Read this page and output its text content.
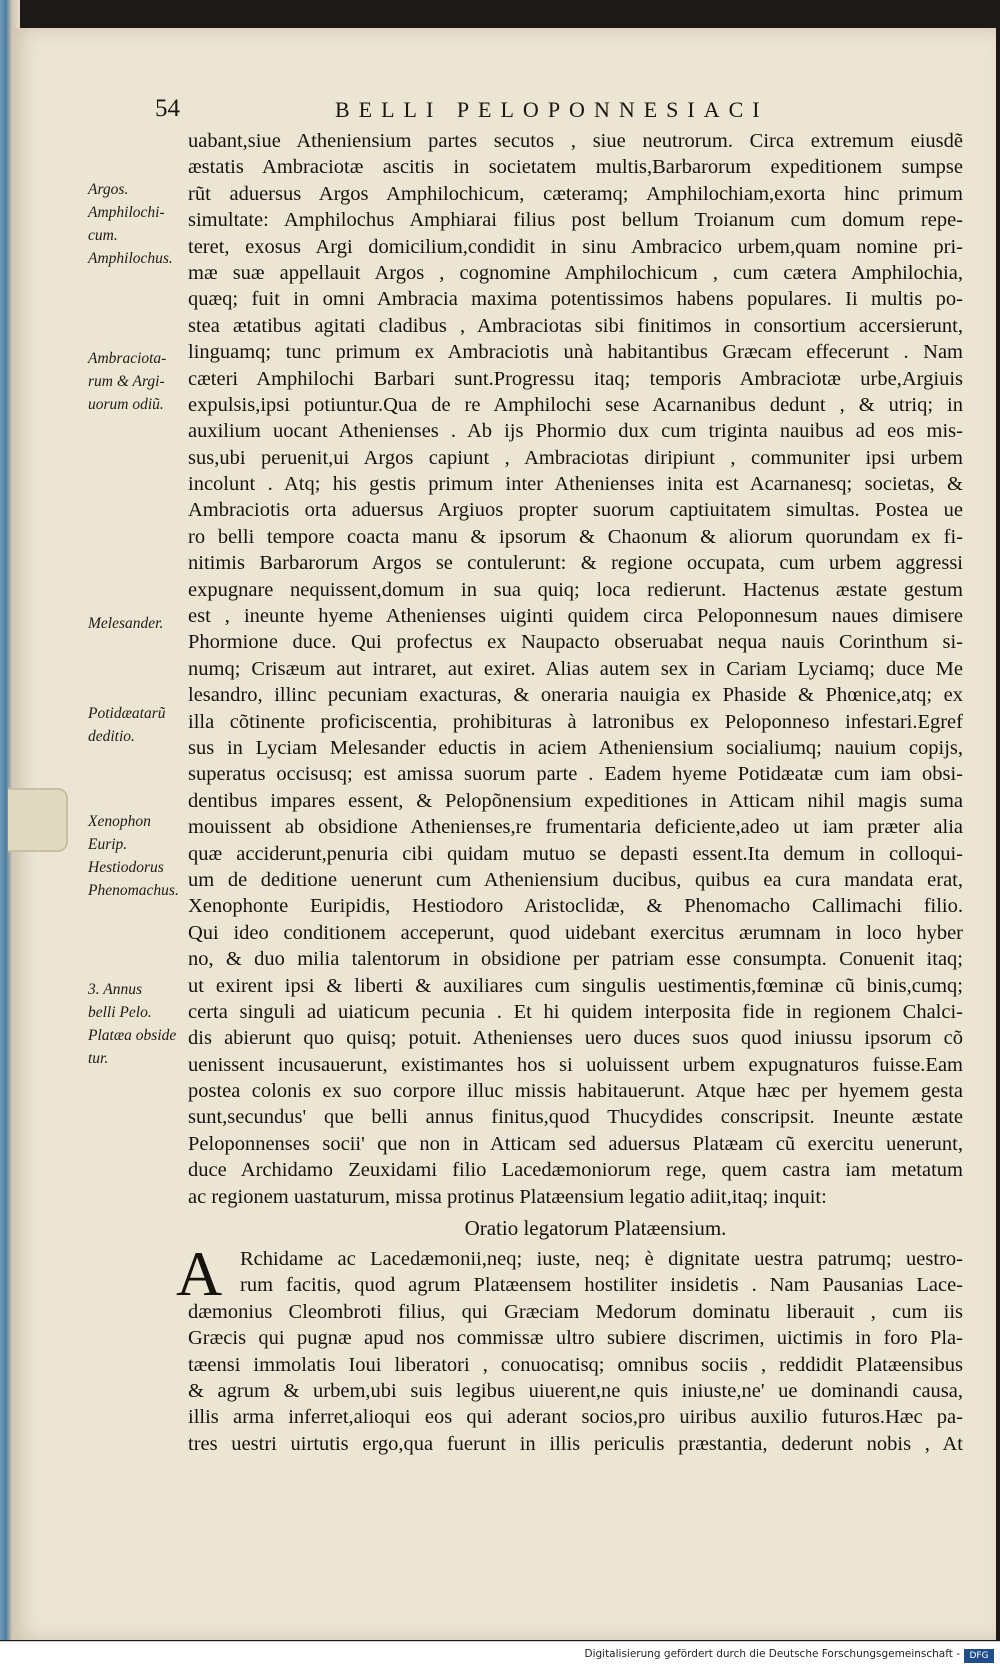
54	BELLI PELOPONNESIACI
Argos.
Amphilochi-
cum.
Amphilochus.
Ambraciota-
rum & Argi-
uorum odiũ.
Melesander.
Potidæatarũ
deditio.
Xenophon
Eurip.
Hestiodorus
Phenomachus.
3. Annus
belli Pelo.
Platæa obside
tur.
uabant,siue Atheniensium partes secutos , siue neutrorum. Circa extremum eiusdẽ
æstatis Ambraciotæ ascitis in societatem multis,Barbarorum expeditionem sumpse
rũt aduersus Argos Amphilochicum, cæteramq; Amphilochiam,exorta hinc primum
simultate: Amphilochus Amphiarai filius post bellum Troianum cum domum repe-
teret, exosus Argi domicilium,condidit in sinu Ambracico urbem,quam nomine pri-
mæ suæ appellauit Argos , cognomine Amphilochicum , cum cætera Amphilochia,
quæq; fuit in omni Ambracia maxima potentissimos habens populares. Ii multis po-
stea ætatibus agitati cladibus , Ambraciotas sibi finitimos in consortium accersierunt,
linguamq; tunc primum ex Ambraciotis unà habitantibus Græcam effecerunt . Nam
cæteri Amphilochi Barbari sunt.Progressu itaq; temporis Ambraciotæ urbe,Argiuis
expulsis,ipsi potiuntur.Qua de re Amphilochi sese Acarnanibus dedunt , & utriq; in
auxilium uocant Athenienses . Ab ijs Phormio dux cum triginta nauibus ad eos mis-
sus,ubi peruenit,ui Argos capiunt , Ambraciotas diripiunt , communiter ipsi urbem
incolunt . Atq; his gestis primum inter Athenienses inita est Acarnanesq; societas, &
Ambraciotis orta aduersus Argiuos propter suorum captiuitatem simultas. Postea ue
ro belli tempore coacta manu & ipsorum & Chaonum & aliorum quorundam ex fi-
nitimis Barbarorum Argos se contulerunt: & regione occupata, cum urbem aggressi
expugnare nequissent,domum in sua quiq; loca redierunt. Hactenus æstate gestum
est , ineunte hyeme Athenienses uiginti quidem circa Peloponnesum naues dimisere
Phormione duce. Qui profectus ex Naupacto obseruabat nequa nauis Corinthum si-
numq; Crisæum aut intraret, aut exiret. Alias autem sex in Cariam Lyciamq; duce Me
lesandro, illinc pecuniam exacturas, & oneraria nauigia ex Phaside & Phœnice,atq; ex
illa cõtinente proficiscentia, prohibituras à latronibus ex Peloponneso infestari.Egref
sus in Lyciam Melesander eductis in aciem Atheniensium socialiumq; nauium copijs,
superatus occisusq; est amissa suorum parte . Eadem hyeme Potidæatæ cum iam obsi-
dentibus impares essent, & Pelopõnensium expeditiones in Atticam nihil magis suma
mouissent ab obsidione Athenienses,re frumentaria deficiente,adeo ut iam præter alia
quæ acciderunt,penuria cibi quidam mutuo se depasti essent.Ita demum in colloqui-
um de deditione uenerunt cum Atheniensium ducibus, quibus ea cura mandata erat,
Xenophonte Euripidis, Hestiodoro Aristoclidæ, & Phenomacho Callimachi filio.
Qui ideo conditionem acceperunt, quod uidebant exercitus ærumnam in loco hyber
no, & duo milia talentorum in obsidione per patriam esse consumpta. Conuenit itaq;
ut exirent ipsi & liberti & auxiliares cum singulis uestimentis,fœminæ cũ binis,cumq;
certa singuli ad uiaticum pecunia . Et hi quidem interposita fide in regionem Chalci-
dis abierunt quo quisq; potuit. Athenienses uero duces suos quod iniussu ipsorum cõ
uenissent incusauerunt, existimantes hos si uoluissent urbem expugnaturos fuisse.Eam
postea colonis ex suo corpore illuc missis habitauerunt. Atque hæc per hyemem gesta
sunt,secundus' que belli annus finitus,quod Thucydides conscripsit. Ineunte æstate
Peloponnenses socii' que non in Atticam sed aduersus Platæam cũ exercitu uenerunt,
duce Archidamo Zeuxidami filio Lacedæmoniorum rege, quem castra iam metatum
ac regionem uastaturum, missa protinus Platæensium legatio adiit,itaq; inquit:
Oratio legatorum Platæensium.
A Rchidame ac Lacedæmonii,neq; iuste, neq; è dignitate uestra patrumq; uestro-
rum facitis, quod agrum Platæensem hostiliter insidetis . Nam Pausanias Lace-
dæmonius Cleombroti filius, qui Græciam Medorum dominatu liberauit , cum iis
Græcis qui pugnæ apud nos commissæ ultro subiere discrimen, uictimis in foro Pla-
tæensi immolatis Ioui liberatori , conuocatisq; omnibus sociis , reddidit Platæensibus
& agrum & urbem,ubi suis legibus uiuerent,ne quis iniuste,ne' ue dominandi causa,
illis arma inferret,alioqui eos qui aderant socios,pro uiribus auxilio futuros.Hæc pa-
tres uestri uirtutis ergo,qua fuerunt in illis periculis præstantia, dederunt nobis , At
Digitalisierung gefördert durch die Deutsche Forschungsgemeinschaft -	DFG
